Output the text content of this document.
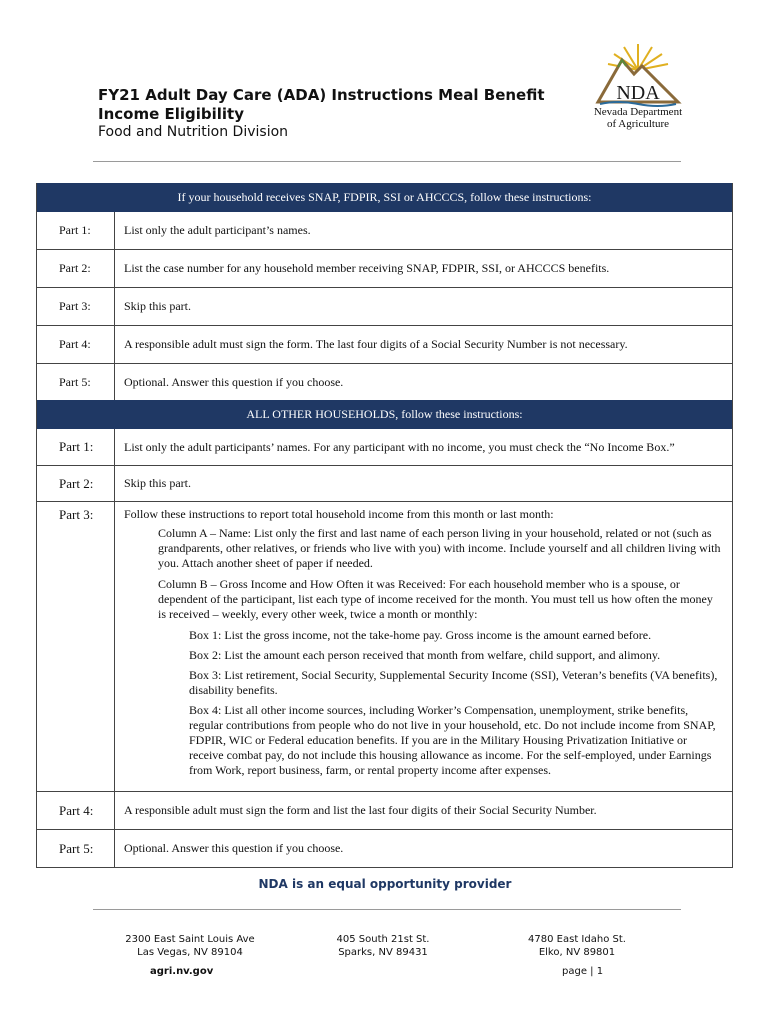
FY21 Adult Day Care (ADA) Instructions Meal Benefit
Income Eligibility
Food and Nutrition Division
NDA
Nevada Department
of Agriculture
If your household receives SNAP, FDPIR, SSI or AHCCCS, follow these instructions:
Part 1:	List only the adult participant’s names.
Part 2:	List the case number for any household member receiving SNAP, FDPIR, SSI, or AHCCCS benefits.
Part 3:	Skip this part.
Part 4:	A responsible adult must sign the form. The last four digits of a Social Security Number is not necessary.
Part 5:	Optional. Answer this question if you choose.
ALL OTHER HOUSEHOLDS, follow these instructions:
Part 1:	List only the adult participants’ names. For any participant with no income, you must check the “No Income Box.”
Part 2:	Skip this part.
Part 3:	Follow these instructions to report total household income from this month or last month:

Column A – Name: List only the first and last name of each person living in your household, related or not (such as grandparents, other relatives, or friends who live with you) with income. Include yourself and all children living with you. Attach another sheet of paper if needed.

Column B – Gross Income and How Often it was Received: For each household member who is a spouse, or dependent of the participant, list each type of income received for the month. You must tell us how often the money is received – weekly, every other week, twice a month or monthly:

Box 1: List the gross income, not the take-home pay. Gross income is the amount earned before.

Box 2: List the amount each person received that month from welfare, child support, and alimony.

Box 3: List retirement, Social Security, Supplemental Security Income (SSI), Veteran’s benefits (VA benefits), disability benefits.

Box 4: List all other income sources, including Worker’s Compensation, unemployment, strike benefits, regular contributions from people who do not live in your household, etc. Do not include income from SNAP, FDPIR, WIC or Federal education benefits. If you are in the Military Housing Privatization Initiative or receive combat pay, do not include this housing allowance as income. For the self-employed, under Earnings from Work, report business, farm, or rental property income after expenses.

Part 4:	A responsible adult must sign the form and list the last four digits of their Social Security Number.
Part 5:	Optional. Answer this question if you choose.
NDA is an equal opportunity provider
2300 East Saint Louis Ave
Las Vegas, NV 89104
405 South 21st St.
Sparks, NV 89431
4780 East Idaho St.
Elko, NV 89801
agri.nv.gov	page | 1
